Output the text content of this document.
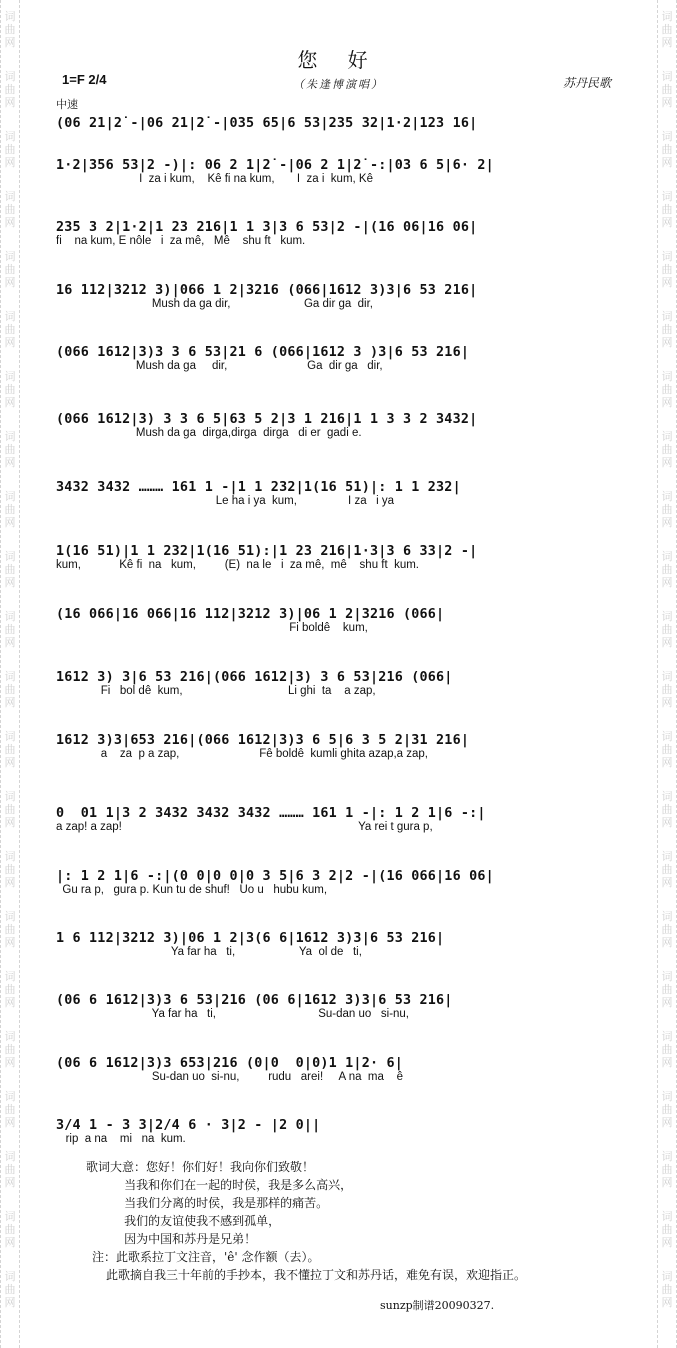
词
曲
网
词
曲
网
词
曲
网
词
曲
网
词
曲
网
词
曲
网
词
曲
网
词
曲
网
词
曲
网
词
曲
网
词
曲
网
词
曲
网
词
曲
网
词
曲
网
词
曲
网
词
曲
网
词
曲
网
词
曲
网
词
曲
网
词
曲
网
词
曲
网
词
曲
网
词
曲
网
词
曲
网
词
曲
网
词
曲
网
词
曲
网
词
曲
网
词
曲
网
词
曲
网
词
曲
网
词
曲
网
词
曲
网
词
曲
网
词
曲
网
词
曲
网
词
曲
网
词
曲
网
词
曲
网
词
曲
网
词
曲
网
词
曲
网
词
曲
网
词
曲
网
您 好
（朱逢博演唱）	苏丹民歌
1=F 2/4
中速
(06 21|2̇ -|06 21|2̇ -|035 65|6 53|235 32|1·2|123 16|
1·2|356 53|2 -)|: 06 2 1|2̇ -|06 2 1|2̇ -:|03 6 5|6· 2|
I  za i kum,    Kê fi na kum,       I  za i  kum, Kê
235 3 2|1·2|1 23 216|1 1 3|3 6 53|2 -|(16 06|16 06|
fi    na kum, E nôle   i  za mê,   Mê    shu ft   kum.
16 112|3212 3)|066 1 2|3216 (066|1612 3)3|6 53 216|
Mush da ga dir,                       Ga dir ga  dir,
(066 1612|3)3 3 6 53|21 6 (066|1612 3 )3|6 53 216|
Mush da ga     dir,                         Ga  dir ga   dir,
(066 1612|3) 3 3 6 5|63 5 2|3 1 216|1 1 3 3 2 3432|
Mush da ga  dirga,dirga  dirga   di er  gadi e.
3432 3432 ……… 161 1 -|1 1 232|1(16 51)|: 1 1 232|
Le ha i ya  kum,                I za   i ya
1(16 51)|1 1 232|1(16 51):|1 23 216|1·3|3 6 33|2 -|
kum,            Kê fi  na   kum,         (E)  na le   i  za mê,  mê    shu ft  kum.
(16 066|16 066|16 112|3212 3)|06 1 2|3216 (066|
Fi boldê    kum,
1612 3) 3|6 53 216|(066 1612|3) 3 6 53|216 (066|
Fi   bol dê  kum,                                 Li ghi  ta    a zap,
1612 3)3|653 216|(066 1612|3)3 6 5|6 3 5 2|31 216|
a    za  p a zap,                         Fê boldê  kumli ghita azap,a zap,
0  01 1|3 2 3432 3432 3432 ……… 161 1 -|: 1 2 1|6 -:|
a zap! a zap!                                                                          Ya rei t gura p,
|: 1 2 1|6 -:|(0 0|0 0|0 3 5|6 3 2|2 -|(16 066|16 06|
Gu ra p,   gura p. Kun tu de shuf!   Uo u   hubu kum,
1 6 112|3212 3)|06 1 2|3(6 6|1612 3)3|6 53 216|
Ya far ha   ti,                    Ya  ol de   ti,
(06 6 1612|3)3 6 53|216 (06 6|1612 3)3|6 53 216|
Ya far ha   ti,                                Su-dan uo   si-nu,
(06 6 1612|3)3 653|216 (0|0  0|0)1 1|2· 6|
Su-dan uo  si-nu,         rudu   arei!     A na  ma    ê
3/4 1 - 3 3|2/4 6 · 3|2 - |2 0||
rip  a na    mi   na  kum.
歌词大意：您好！你们好！我向你们致敬！
当我和你们在一起的时侯，我是多么高兴，
当我们分离的时侯，我是那样的痛苦。
我们的友谊使我不感到孤单，
因为中国和苏丹是兄弟！
注：此歌系拉丁文注音，'ê' 念作额（去）。
此歌摘自我三十年前的手抄本，我不懂拉丁文和苏丹话，难免有误，欢迎指正。
sunzp制谱20090327.
